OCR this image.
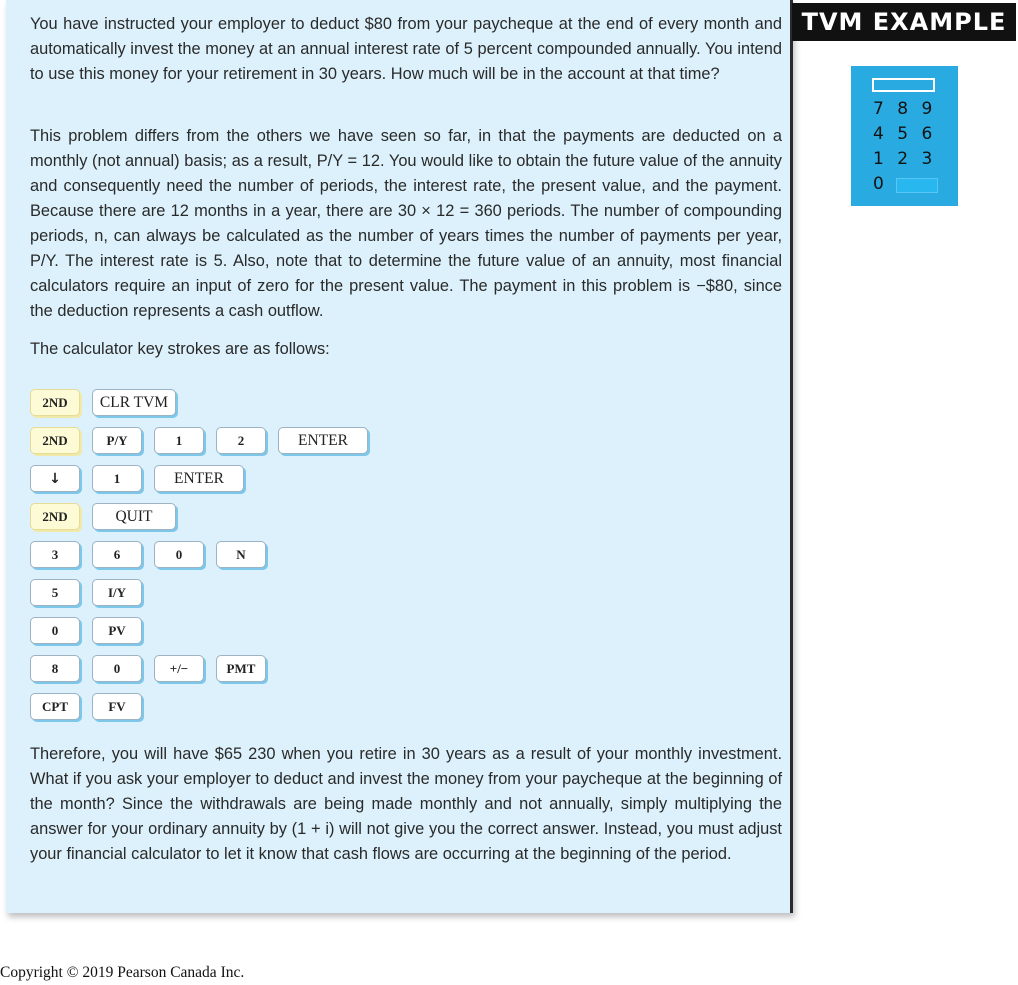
You have instructed your employer to deduct $80 from your paycheque at the end of every month and automatically invest the money at an annual interest rate of 5 percent compounded annually. You intend to use this money for your retirement in 30 years. How much will be in the account at that time?

This problem differs from the others we have seen so far, in that the payments are deducted on a monthly (not annual) basis; as a result, P/Y = 12. You would like to obtain the future value of the annuity and consequently need the number of periods, the interest rate, the present value, and the payment. Because there are 12 months in a year, there are 30 × 12 = 360 periods. The number of compounding periods, n, can always be calculated as the number of years times the number of payments per year, P/Y. The interest rate is 5. Also, note that to determine the future value of an annuity, most financial calculators require an input of zero for the present value. The payment in this problem is −$80, since the deduction represents a cash outflow.

The calculator key strokes are as follows:

2ND	CLR TVM
2ND	P/Y	1	2	ENTER
↓	1	ENTER
2ND	QUIT
3	6	0	N
5	I/Y
0	PV
8	0	+/−	PMT
CPT	FV

Therefore, you will have $65 230 when you retire in 30 years as a result of your monthly investment. What if you ask your employer to deduct and invest the money from your paycheque at the beginning of the month? Since the withdrawals are being made monthly and not annually, simply multiplying the answer for your ordinary annuity by (1 + i) will not give you the correct answer. Instead, you must adjust your financial calculator to let it know that cash flows are occurring at the beginning of the period.

TVM EXAMPLE
7 8 9
4 5 6
1 2 3
0
Copyright © 2019 Pearson Canada Inc.
